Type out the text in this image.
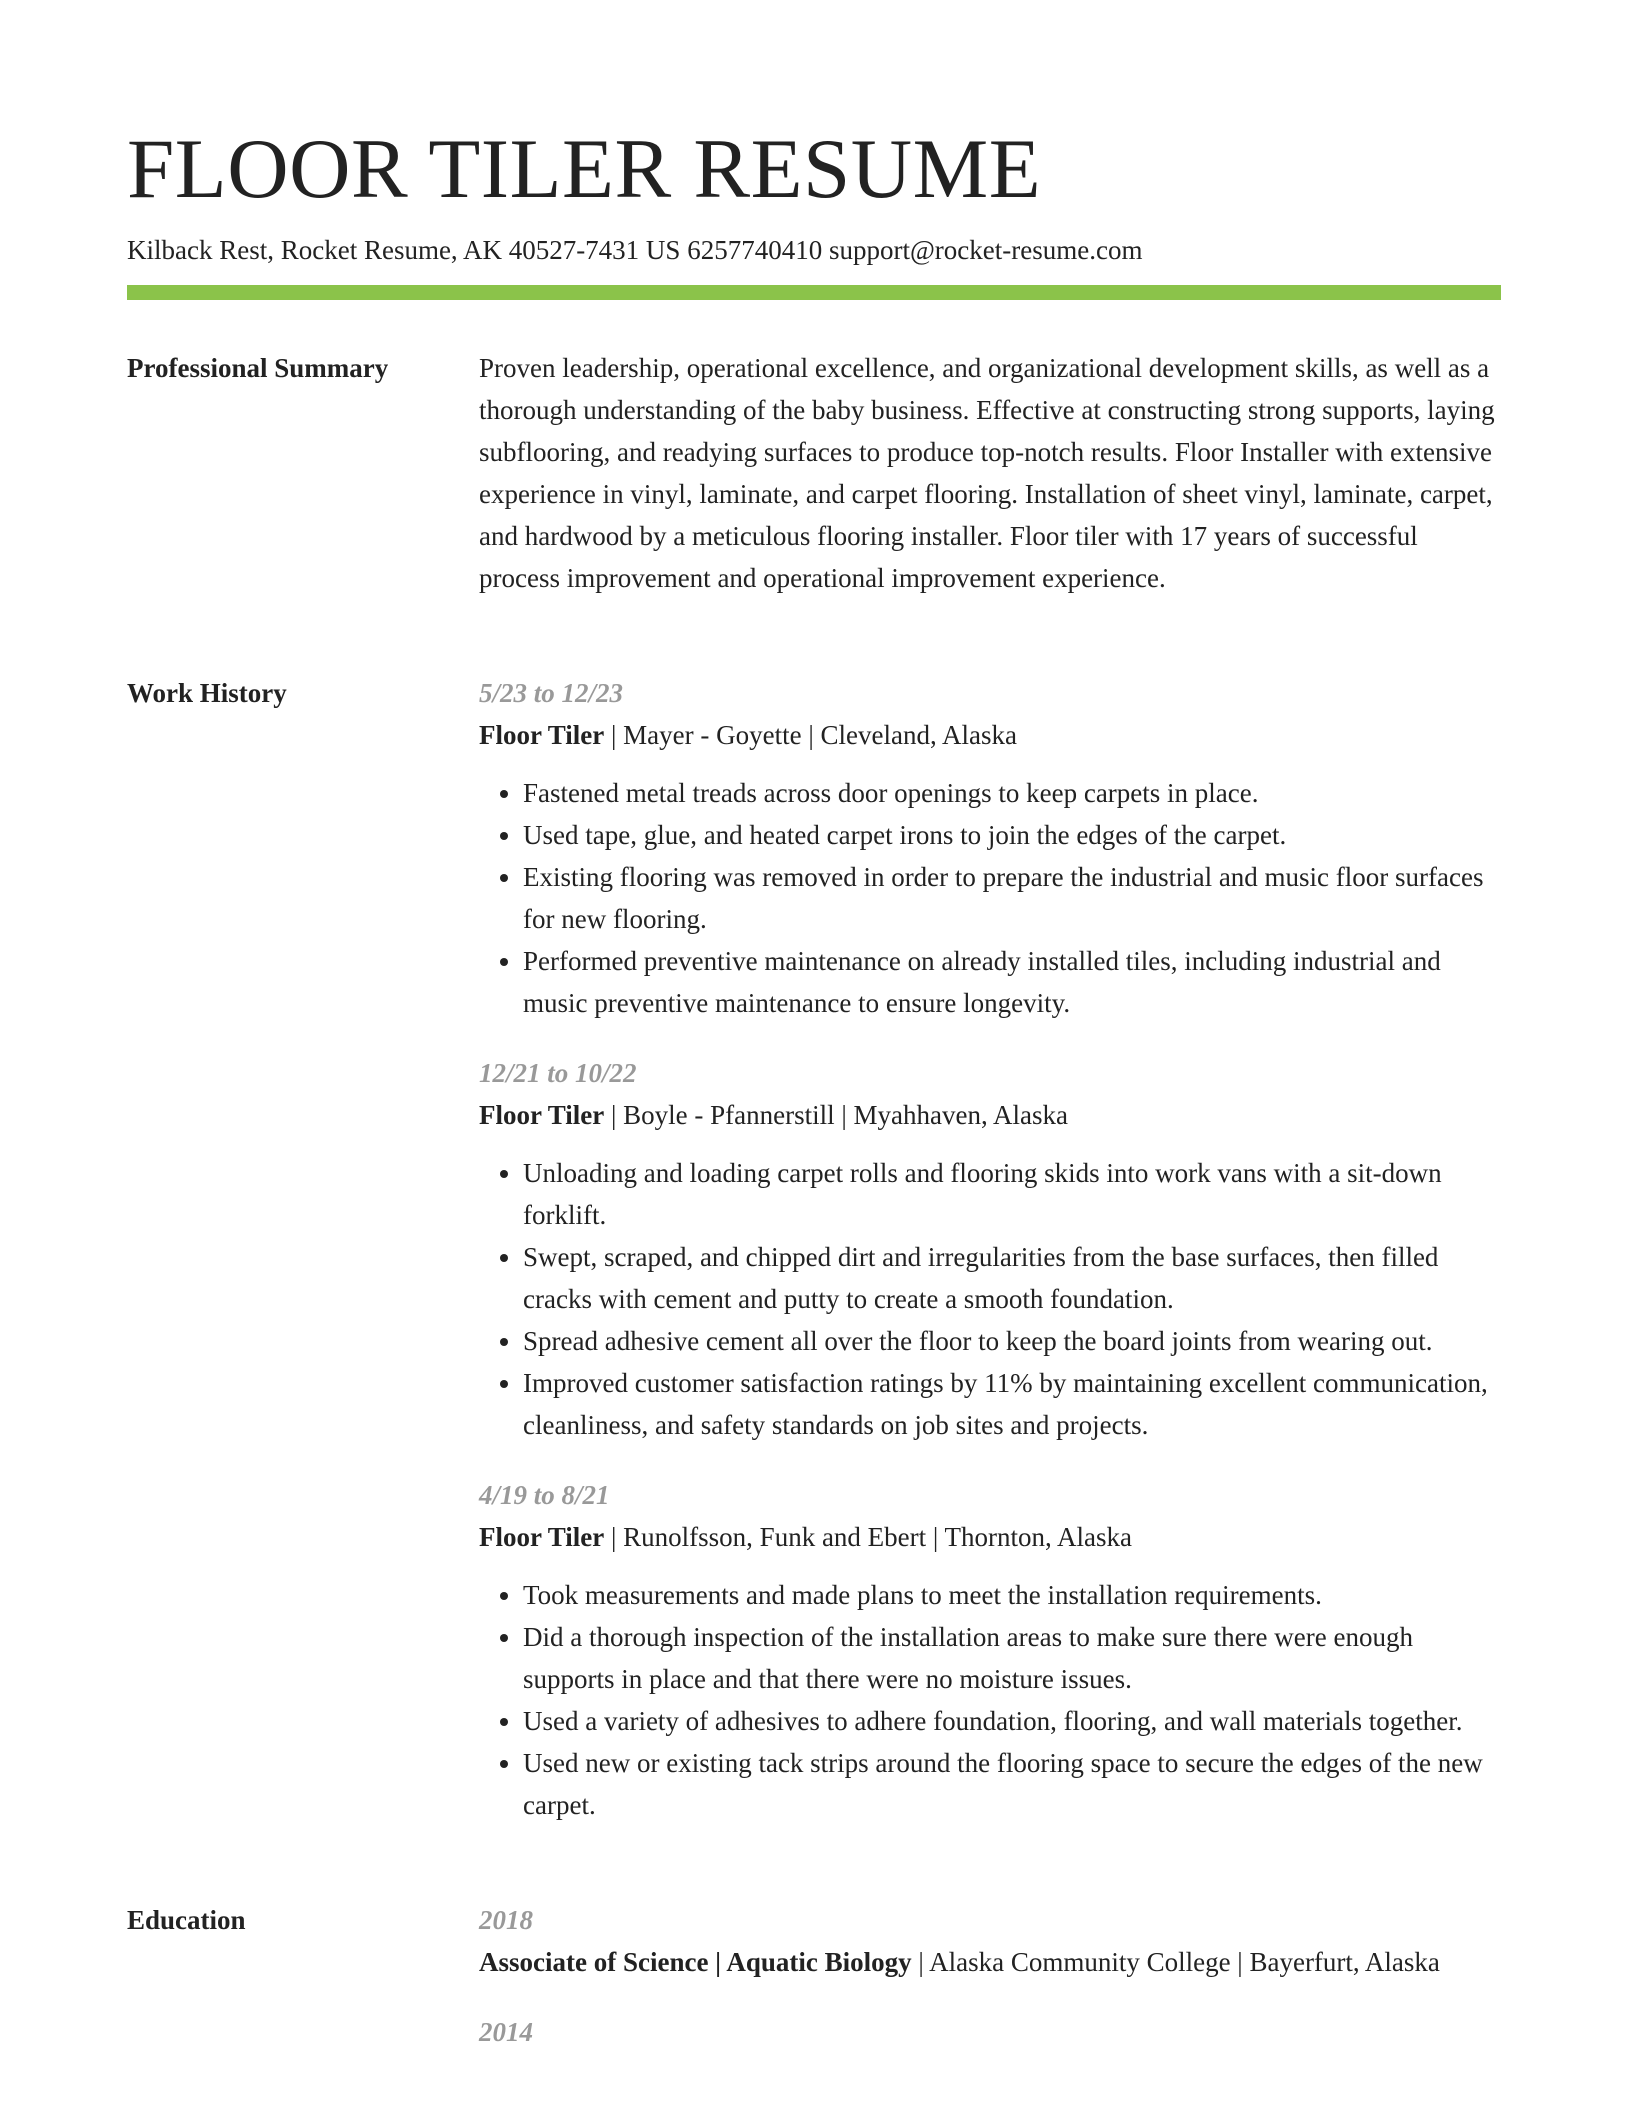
FLOOR TILER RESUME
Kilback Rest, Rocket Resume, AK 40527-7431 US 6257740410 support@rocket-resume.com
Professional Summary	Proven leadership, operational excellence, and organizational development skills, as well as a thorough understanding of the baby business. Effective at constructing strong supports, laying subflooring, and readying surfaces to produce top-notch results. Floor Installer with extensive experience in vinyl, laminate, and carpet flooring. Installation of sheet vinyl, laminate, carpet, and hardwood by a meticulous flooring installer. Floor tiler with 17 years of successful process improvement and operational improvement experience.

Work History	5/23 to 12/23
Floor Tiler | Mayer - Goyette | Cleveland, Alaska
• Fastened metal treads across door openings to keep carpets in place.
• Used tape, glue, and heated carpet irons to join the edges of the carpet.
• Existing flooring was removed in order to prepare the industrial and music floor surfaces for new flooring.
• Performed preventive maintenance on already installed tiles, including industrial and music preventive maintenance to ensure longevity.
12/21 to 10/22
Floor Tiler | Boyle - Pfannerstill | Myahhaven, Alaska
• Unloading and loading carpet rolls and flooring skids into work vans with a sit-down forklift.
• Swept, scraped, and chipped dirt and irregularities from the base surfaces, then filled cracks with cement and putty to create a smooth foundation.
• Spread adhesive cement all over the floor to keep the board joints from wearing out.
• Improved customer satisfaction ratings by 11% by maintaining excellent communication, cleanliness, and safety standards on job sites and projects.
4/19 to 8/21
Floor Tiler | Runolfsson, Funk and Ebert | Thornton, Alaska
• Took measurements and made plans to meet the installation requirements.
• Did a thorough inspection of the installation areas to make sure there were enough supports in place and that there were no moisture issues.
• Used a variety of adhesives to adhere foundation, flooring, and wall materials together.
• Used new or existing tack strips around the flooring space to secure the edges of the new carpet.
Education	2018
Associate of Science | Aquatic Biology | Alaska Community College | Bayerfurt, Alaska
2014
